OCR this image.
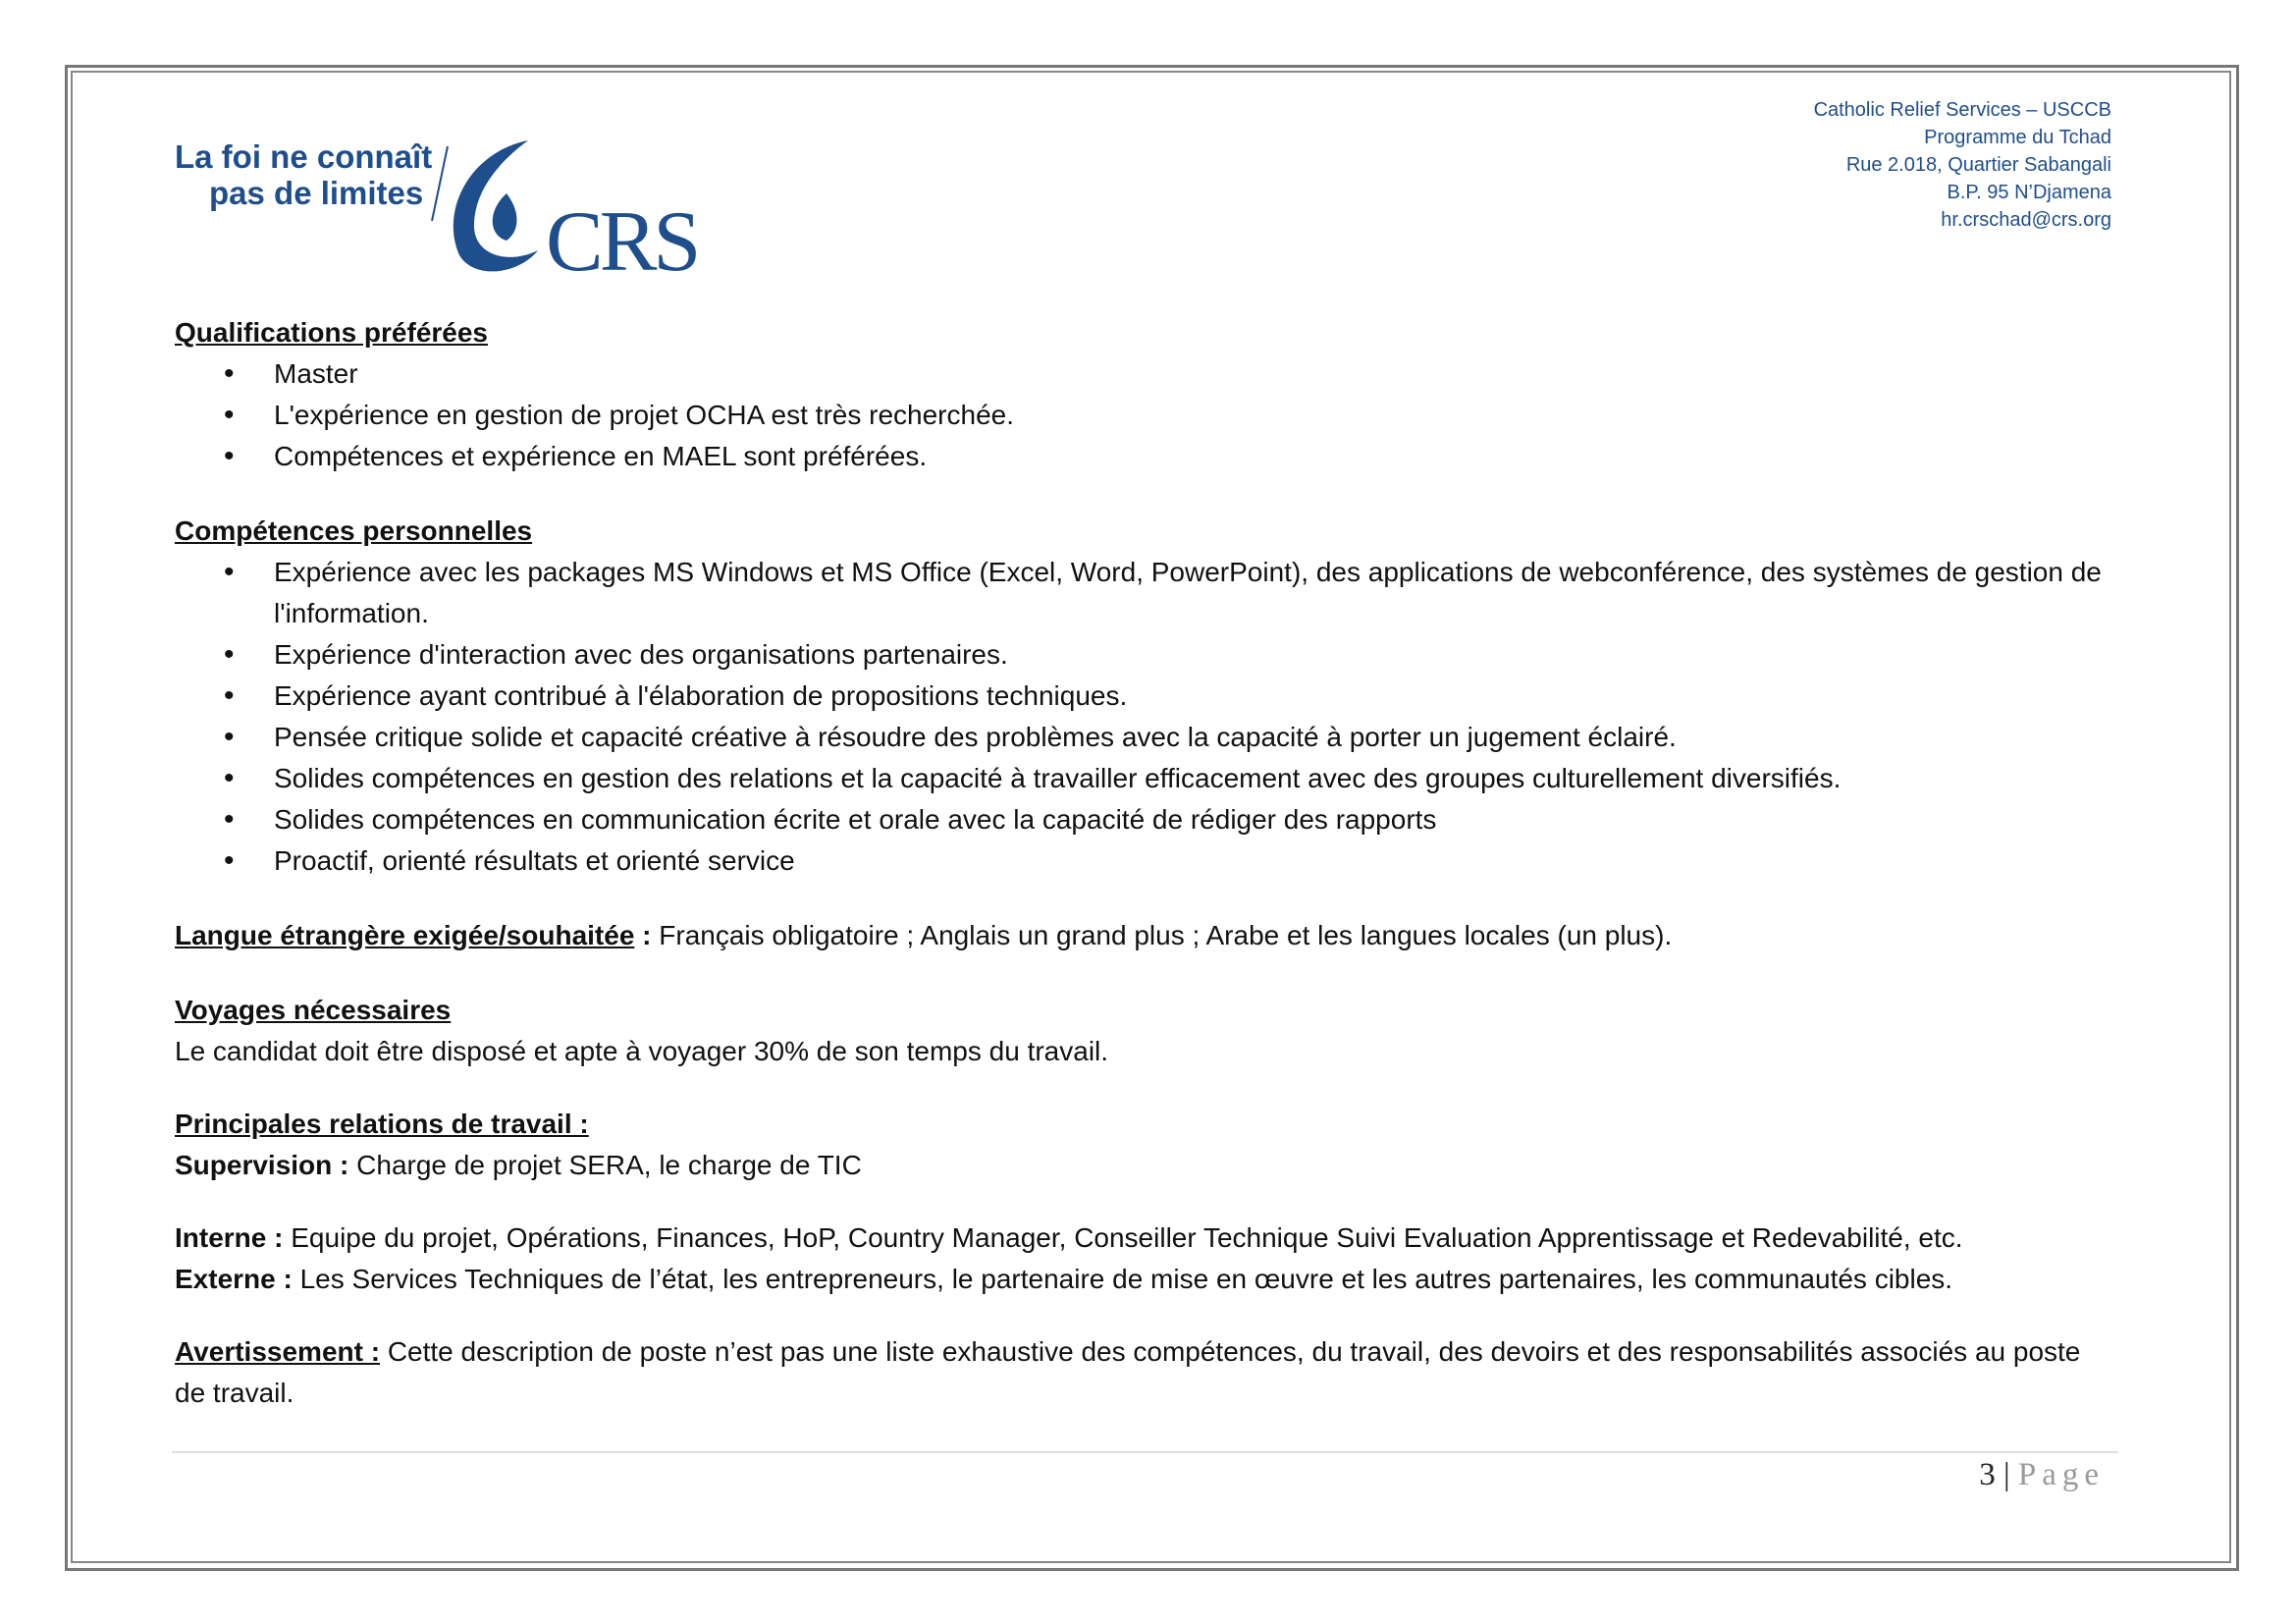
La foi ne connaît
pas de limites
CRS
Catholic Relief Services – USCCB
Programme du Tchad
Rue 2.018, Quartier Sabangali
B.P. 95 N’Djamena
hr.crschad@crs.org
Qualifications préférées
• Master
• L'expérience en gestion de projet OCHA est très recherchée.
• Compétences et expérience en MAEL sont préférées.
Compétences personnelles
• Expérience avec les packages MS Windows et MS Office (Excel, Word, PowerPoint), des applications de webconférence, des systèmes de gestion de l'information.
• Expérience d'interaction avec des organisations partenaires.
• Expérience ayant contribué à l'élaboration de propositions techniques.
• Pensée critique solide et capacité créative à résoudre des problèmes avec la capacité à porter un jugement éclairé.
• Solides compétences en gestion des relations et la capacité à travailler efficacement avec des groupes culturellement diversifiés.
• Solides compétences en communication écrite et orale avec la capacité de rédiger des rapports
• Proactif, orienté résultats et orienté service
Langue étrangère exigée/souhaitée : Français obligatoire ; Anglais un grand plus ; Arabe et les langues locales (un plus).
Voyages nécessaires
Le candidat doit être disposé et apte à voyager 30% de son temps du travail.
Principales relations de travail :
Supervision : Charge de projet SERA, le charge de TIC
Interne : Equipe du projet, Opérations, Finances, HoP, Country Manager, Conseiller Technique Suivi Evaluation Apprentissage et Redevabilité, etc.
Externe : Les Services Techniques de l’état, les entrepreneurs, le partenaire de mise en œuvre et les autres partenaires, les communautés cibles.
Avertissement : Cette description de poste n’est pas une liste exhaustive des compétences, du travail, des devoirs et des responsabilités associés au poste de travail.
3 | Page
